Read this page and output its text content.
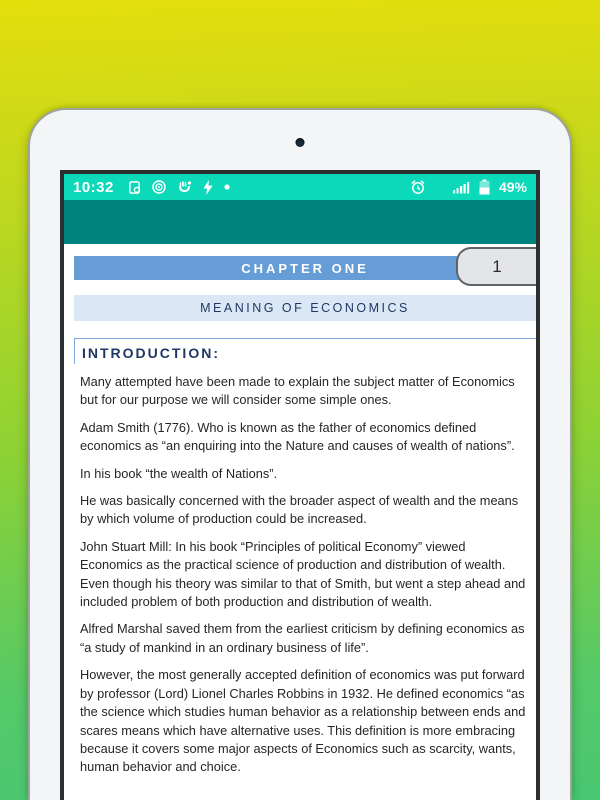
10:32	49%
CHAPTER ONE	1
MEANING OF ECONOMICS
INTRODUCTION:

Many attempted have been made to explain the subject matter of Economics but for our purpose we will consider some simple ones.

Adam Smith (1776). Who is known as the father of economics defined economics as “an enquiring into the Nature and causes of wealth of nations”.

In his book “the wealth of Nations”.

He was basically concerned with the broader aspect of wealth and the means by which volume of production could be increased.

John Stuart Mill: In his book “Principles of political Economy” viewed Economics as the practical science of production and distribution of wealth. Even though his theory was similar to that of Smith, but went a step ahead and included problem of both production and distribution of wealth.

Alfred Marshal saved them from the earliest criticism by defining economics as “a study of mankind in an ordinary business of life”.

However, the most generally accepted definition of economics was put forward by professor (Lord) Lionel Charles Robbins in 1932. He defined economics “as the science which studies human behavior as a relationship between ends and scares means which have alternative uses. This definition is more embracing because it covers some major aspects of Economics such as scarcity, wants, human behavior and choice.
